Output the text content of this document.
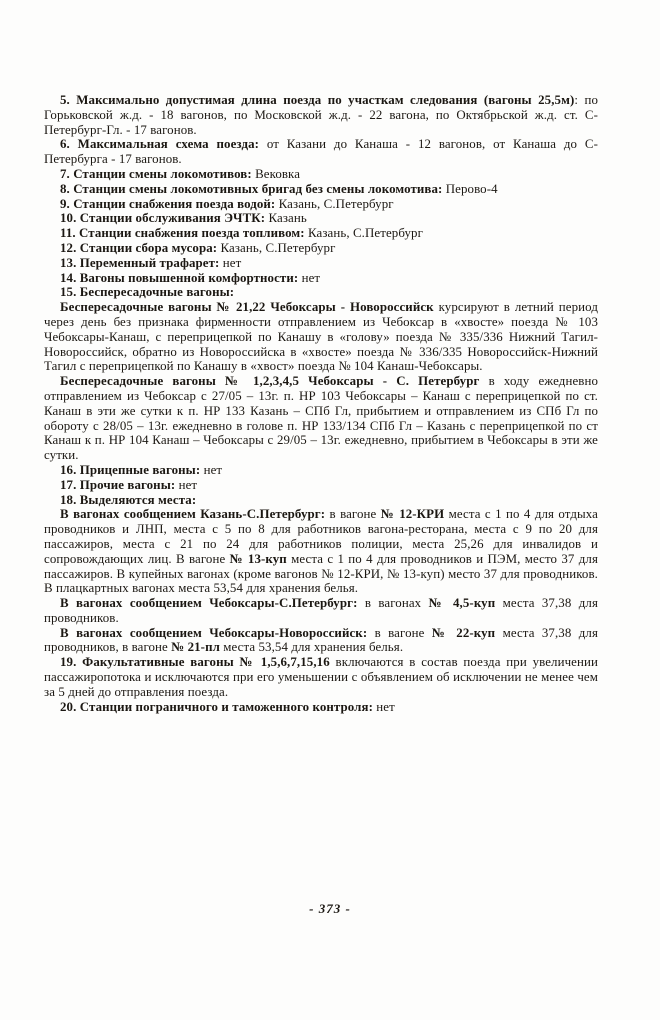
5. Максимально допустимая длина поезда по участкам следования (вагоны 25,5м): по Горьковской ж.д. - 18 вагонов, по Московской ж.д. - 22 вагона, по Октябрьской ж.д. ст. С-Петербург-Гл. - 17 вагонов.

6. Максимальная схема поезда: от Казани до Канаша - 12 вагонов, от Канаша до С-Петербурга - 17 вагонов.

7. Станции смены локомотивов: Вековка

8. Станции смены локомотивных бригад без смены локомотива: Перово-4

9. Станции снабжения поезда водой: Казань, С.Петербург

10. Станции обслуживания ЭЧТК: Казань

11. Станции снабжения поезда топливом: Казань, С.Петербург

12. Станции сбора мусора: Казань, С.Петербург

13. Переменный трафарет: нет

14. Вагоны повышенной комфортности: нет

15. Беспересадочные вагоны:

Беспересадочные вагоны № 21,22 Чебоксары - Новороссийск курсируют в летний период через день без признака фирменности отправлением из Чебоксар в «хвосте» поезда № 103 Чебоксары-Канаш, с переприцепкой по Канашу в «голову» поезда № 335/336 Нижний Тагил-Новороссийск, обратно из Новороссийска в «хвосте» поезда № 336/335 Новороссийск-Нижний Тагил с переприцепкой по Канашу в «хвост» поезда № 104 Канаш-Чебоксары.

Беспересадочные вагоны № 1,2,3,4,5 Чебоксары - С. Петербург в ходу ежедневно отправлением из Чебоксар с 27/05 – 13г. п. НР 103 Чебоксары – Канаш с переприцепкой по ст. Канаш в эти же сутки к п. НР 133 Казань – СПб Гл, прибытием и отправлением из СПб Гл по обороту с 28/05 – 13г. ежедневно в голове п. НР 133/134 СПб Гл – Казань с переприцепкой по ст Канаш к п. НР 104 Канаш – Чебоксары с 29/05 – 13г. ежедневно, прибытием в Чебоксары в эти же сутки.

16. Прицепные вагоны: нет

17. Прочие вагоны: нет

18. Выделяются места:

В вагонах сообщением Казань-С.Петербург: в вагоне № 12-КРИ места с 1 по 4 для отдыха проводников и ЛНП, места с 5 по 8 для работников вагона-ресторана, места с 9 по 20 для пассажиров, места с 21 по 24 для работников полиции, места 25,26 для инвалидов и сопровождающих лиц. В вагоне № 13-куп места с 1 по 4 для проводников и ПЭМ, место 37 для пассажиров. В купейных вагонах (кроме вагонов № 12-КРИ, № 13-куп) место 37 для проводников. В плацкартных вагонах места 53,54 для хранения белья.

В вагонах сообщением Чебоксары-С.Петербург: в вагонах № 4,5-куп места 37,38 для проводников.

В вагонах сообщением Чебоксары-Новороссийск: в вагоне № 22-куп места 37,38 для проводников, в вагоне № 21-пл места 53,54 для хранения белья.

19. Факультативные вагоны № 1,5,6,7,15,16 включаются в состав поезда при увеличении пассажиропотока и исключаются при его уменьшении с объявлением об исключении не менее чем за 5 дней до отправления поезда.

20. Станции пограничного и таможенного контроля: нет

- 373 -
